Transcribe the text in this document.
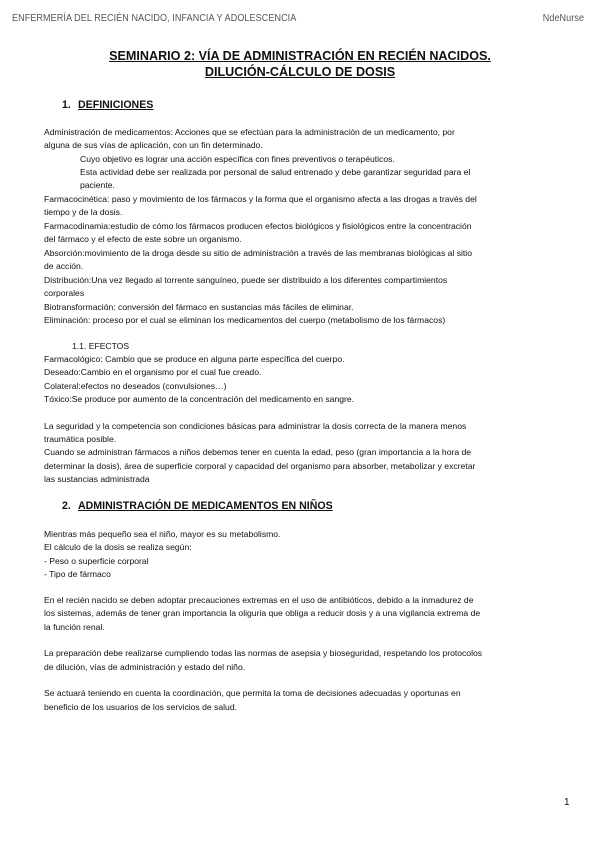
ENFERMERÍA DEL RECIÉN NACIDO, INFANCIA Y ADOLESCENCIA	NdeNurse
SEMINARIO 2: VÍA DE ADMINISTRACIÓN EN RECIÉN NACIDOS.
DILUCIÓN-CÁLCULO DE DOSIS
1. DEFINICIONES
Administración de medicamentos: Acciones que se efectúan para la administración de un medicamento, por
alguna de sus vías de aplicación, con un fin determinado.
Cuyo objetivo es lograr una acción específica con fines preventivos o terapéuticos.
Esta actividad debe ser realizada por personal de salud entrenado y debe garantizar seguridad para el
paciente.
Farmacocinética: paso y movimiento de los fármacos y la forma que el organismo afecta a las drogas a través del
tiempo y de la dosis.
Farmacodinamia:estudio de cómo los fármacos producen efectos biológicos y fisiológicos entre la concentración
del fármaco y el efecto de este sobre un organismo.
Absorción:movimiento de la droga desde su sitio de administración a través de las membranas biológicas al sitio
de acción.
Distribución:Una vez llegado al torrente sanguíneo, puede ser distribuido a los diferentes compartimientos
corporales
Biotransformación: conversión del fármaco en sustancias más fáciles de eliminar.
Eliminación: proceso por el cual se eliminan los medicamentos del cuerpo (metabolismo de los fármacos)
1.1. EFECTOS
Farmacológico: Cambio que se produce en alguna parte específica del cuerpo.
Deseado:Cambio en el organismo por el cual fue creado.
Colateral:efectos no deseados (convulsiones…)
Tóxico:Se produce por aumento de la concentración del medicamento en sangre.
La seguridad y la competencia son condiciones básicas para administrar la dosis correcta de la manera menos
traumática posible.
Cuando se administran fármacos a niños debemos tener en cuenta la edad, peso (gran importancia a la hora de
determinar la dosis), área de superficie corporal y capacidad del organismo para absorber, metabolizar y excretar
las sustancias administrada
2. ADMINISTRACIÓN DE MEDICAMENTOS EN NIÑOS
Mientras más pequeño sea el niño, mayor es su metabolismo.
El cálculo de la dosis se realiza según:
- Peso o superficie corporal
- Tipo de fármaco
En el recién nacido se deben adoptar precauciones extremas en el uso de antibióticos, debido a la inmadurez de
los sistemas, además de tener gran importancia la oliguria que obliga a reducir dosis y a una vigilancia extrema de
la función renal.
La preparación debe realizarse cumpliendo todas las normas de asepsia y bioseguridad, respetando los protocolos
de dilución, vías de administración y estado del niño.
Se actuará teniendo en cuenta la coordinación, que permita la toma de decisiones adecuadas y oportunas en
beneficio de los usuarios de los servicios de salud.
1
